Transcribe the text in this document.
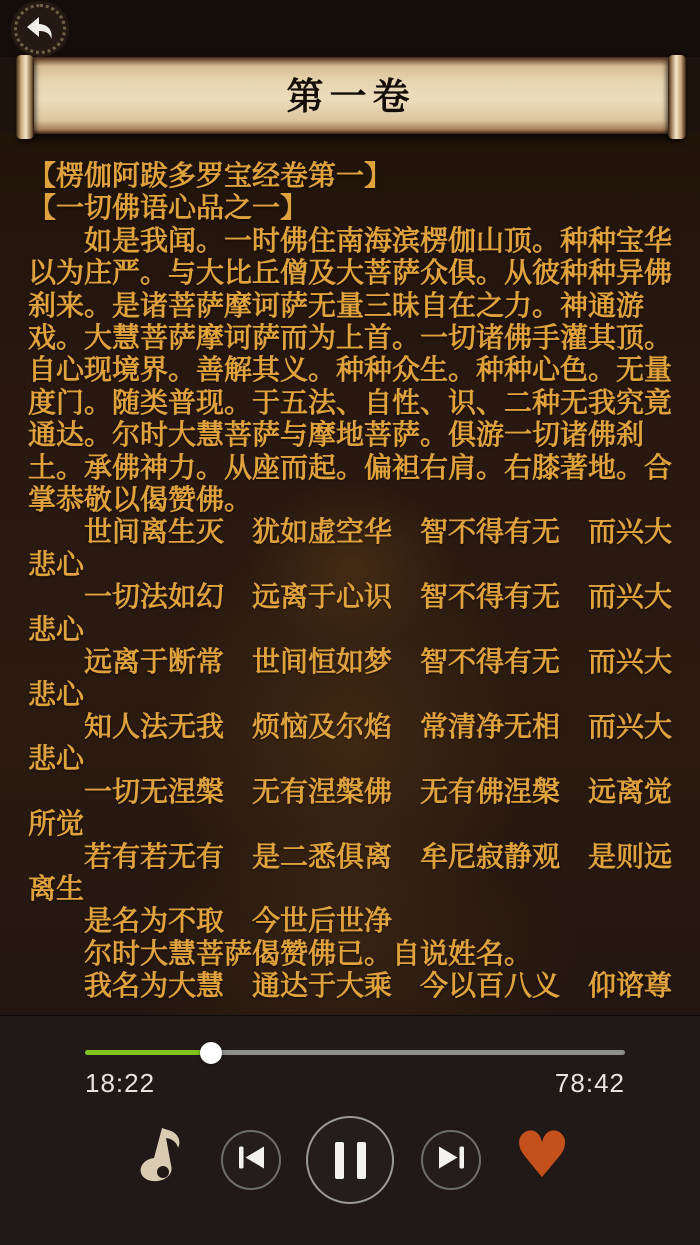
第一卷
【楞伽阿跋多罗宝经卷第一】
【一切佛语心品之一】
　　如是我闻。一时佛住南海滨楞伽山顶。种种宝华
以为庄严。与大比丘僧及大菩萨众俱。从彼种种异佛
刹来。是诸菩萨摩诃萨无量三昧自在之力。神通游
戏。大慧菩萨摩诃萨而为上首。一切诸佛手灌其顶。
自心现境界。善解其义。种种众生。种种心色。无量
度门。随类普现。于五法、自性、识、二种无我究竟
通达。尔时大慧菩萨与摩地菩萨。俱游一切诸佛刹
土。承佛神力。从座而起。偏袒右肩。右膝著地。合
掌恭敬以偈赞佛。
　　世间离生灭　犹如虚空华　智不得有无　而兴大
悲心
　　一切法如幻　远离于心识　智不得有无　而兴大
悲心
　　远离于断常　世间恒如梦　智不得有无　而兴大
悲心
　　知人法无我　烦恼及尔焰　常清净无相　而兴大
悲心
　　一切无涅槃　无有涅槃佛　无有佛涅槃　远离觉
所觉
　　若有若无有　是二悉俱离　牟尼寂静观　是则远
离生
　　是名为不取　今世后世净
　　尔时大慧菩萨偈赞佛已。自说姓名。
　　我名为大慧　通达于大乘　今以百八义　仰谘尊
18:22	78:42
♥
